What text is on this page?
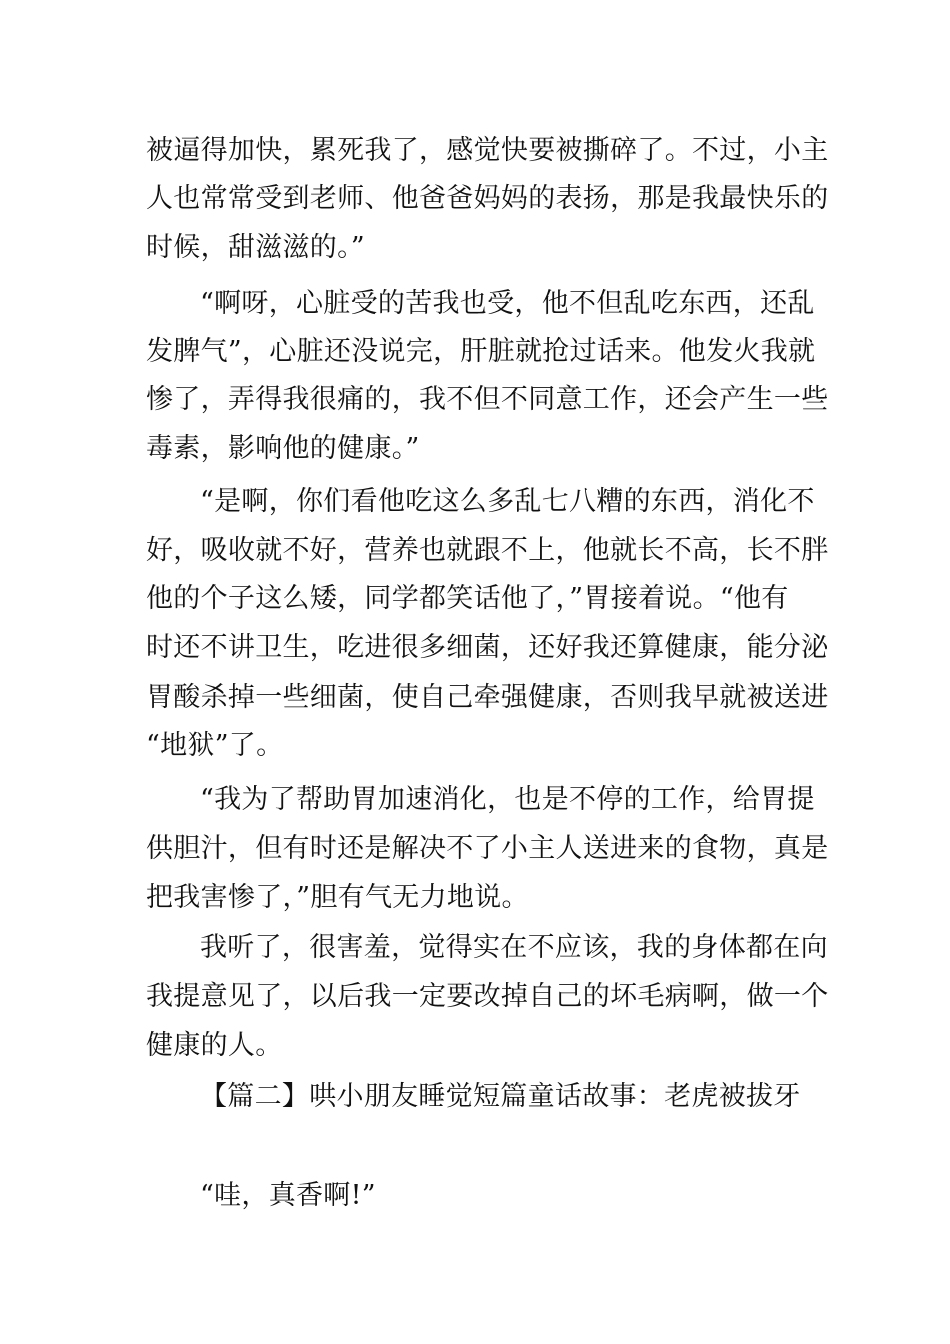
被逼得加快，累死我了，感觉快要被撕碎了。不过，小主
人也常常受到老师、他爸爸妈妈的表扬，那是我最快乐的
时候，甜滋滋的。”
“啊呀，心脏受的苦我也受，他不但乱吃东西，还乱
发脾气”，心脏还没说完，肝脏就抢过话来。他发火我就
惨了，弄得我很痛的，我不但不同意工作，还会产生一些
毒素，影响他的健康。”
“是啊，你们看他吃这么多乱七八糟的东西，消化不
好，吸收就不好，营养也就跟不上，他就长不高，长不胖
他的个子这么矮，同学都笑话他了，”胃接着说。“他有
时还不讲卫生，吃进很多细菌，还好我还算健康，能分泌
胃酸杀掉一些细菌，使自己牵强健康，否则我早就被送进
“地狱”了。
“我为了帮助胃加速消化，也是不停的工作，给胃提
供胆汁，但有时还是解决不了小主人送进来的食物，真是
把我害惨了，”胆有气无力地说。
我听了，很害羞，觉得实在不应该，我的身体都在向
我提意见了，以后我一定要改掉自己的坏毛病啊，做一个
健康的人。
【篇二】哄小朋友睡觉短篇童话故事：老虎被拔牙
“哇，真香啊!”
